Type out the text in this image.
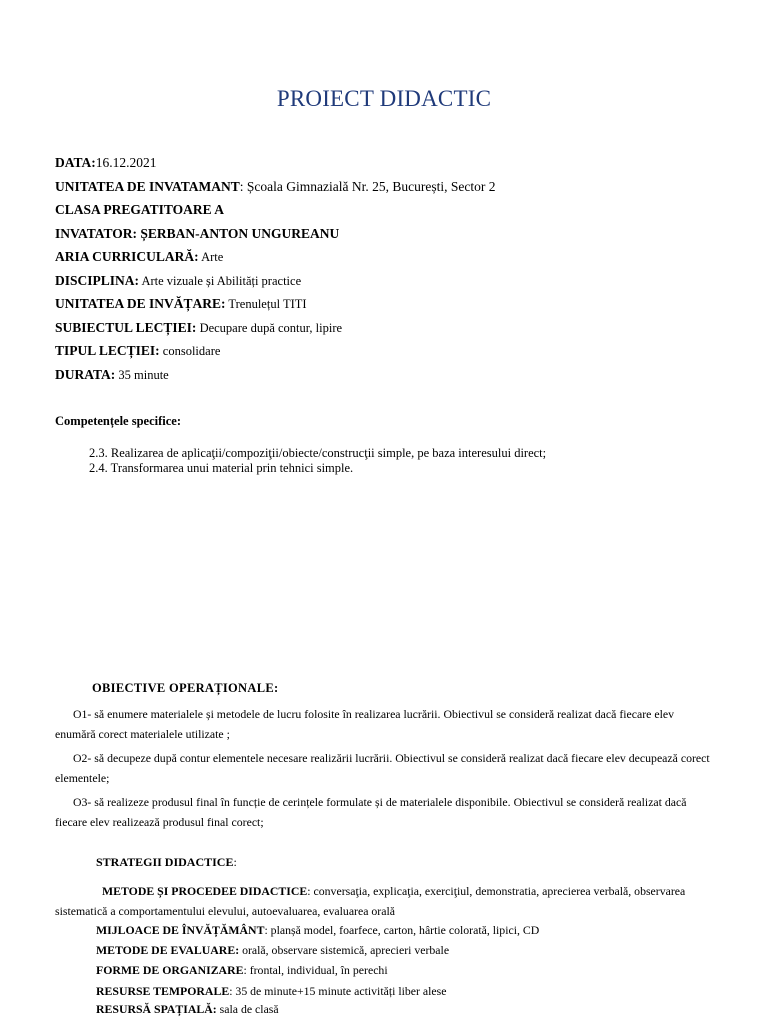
PROIECT DIDACTIC
DATA:16.12.2021
UNITATEA DE INVATAMANT: Școala Gimnazială Nr. 25, București, Sector 2
CLASA PREGATITOARE A
INVATATOR: ȘERBAN-ANTON UNGUREANU
ARIA CURRICULARĂ: Arte
DISCIPLINA: Arte vizuale și Abilități practice
UNITATEA DE INVĂȚARE: Trenulețul TITI
SUBIECTUL LECȚIEI: Decupare după contur, lipire
TIPUL LECȚIEI: consolidare
DURATA: 35 minute
Competențele specifice:
2.3. Realizarea de aplicaţii/compoziţii/obiecte/construcţii simple, pe baza interesului direct;
2.4. Transformarea unui material prin tehnici simple.
OBIECTIVE OPERAȚIONALE:
O1- să enumere materialele și metodele de lucru folosite în realizarea lucrării. Obiectivul se consideră realizat dacă fiecare elev enumără corect materialele utilizate ;
O2- să decupeze după contur elementele necesare realizării lucrării. Obiectivul se consideră realizat dacă fiecare elev decupează corect elementele;
O3- să realizeze produsul final în funcție de cerințele formulate și de materialele disponibile. Obiectivul se consideră realizat dacă fiecare elev realizează produsul final corect;
STRATEGII DIDACTICE:
METODE ȘI PROCEDEE DIDACTICE: conversaţia, explicaţia, exerciţiul, demonstratia, aprecierea verbală, observarea sistematică a comportamentului elevului, autoevaluarea, evaluarea orală
MIJLOACE DE ÎNVĂȚĂMÂNT: planșă model, foarfece, carton, hârtie colorată, lipici, CD
METODE DE EVALUARE: orală, observare sistemică, aprecieri verbale
FORME DE ORGANIZARE: frontal, individual, în perechi
RESURSE TEMPORALE: 35 de minute+15 minute activități liber alese
RESURSĂ SPAȚIALĂ: sala de clasă
